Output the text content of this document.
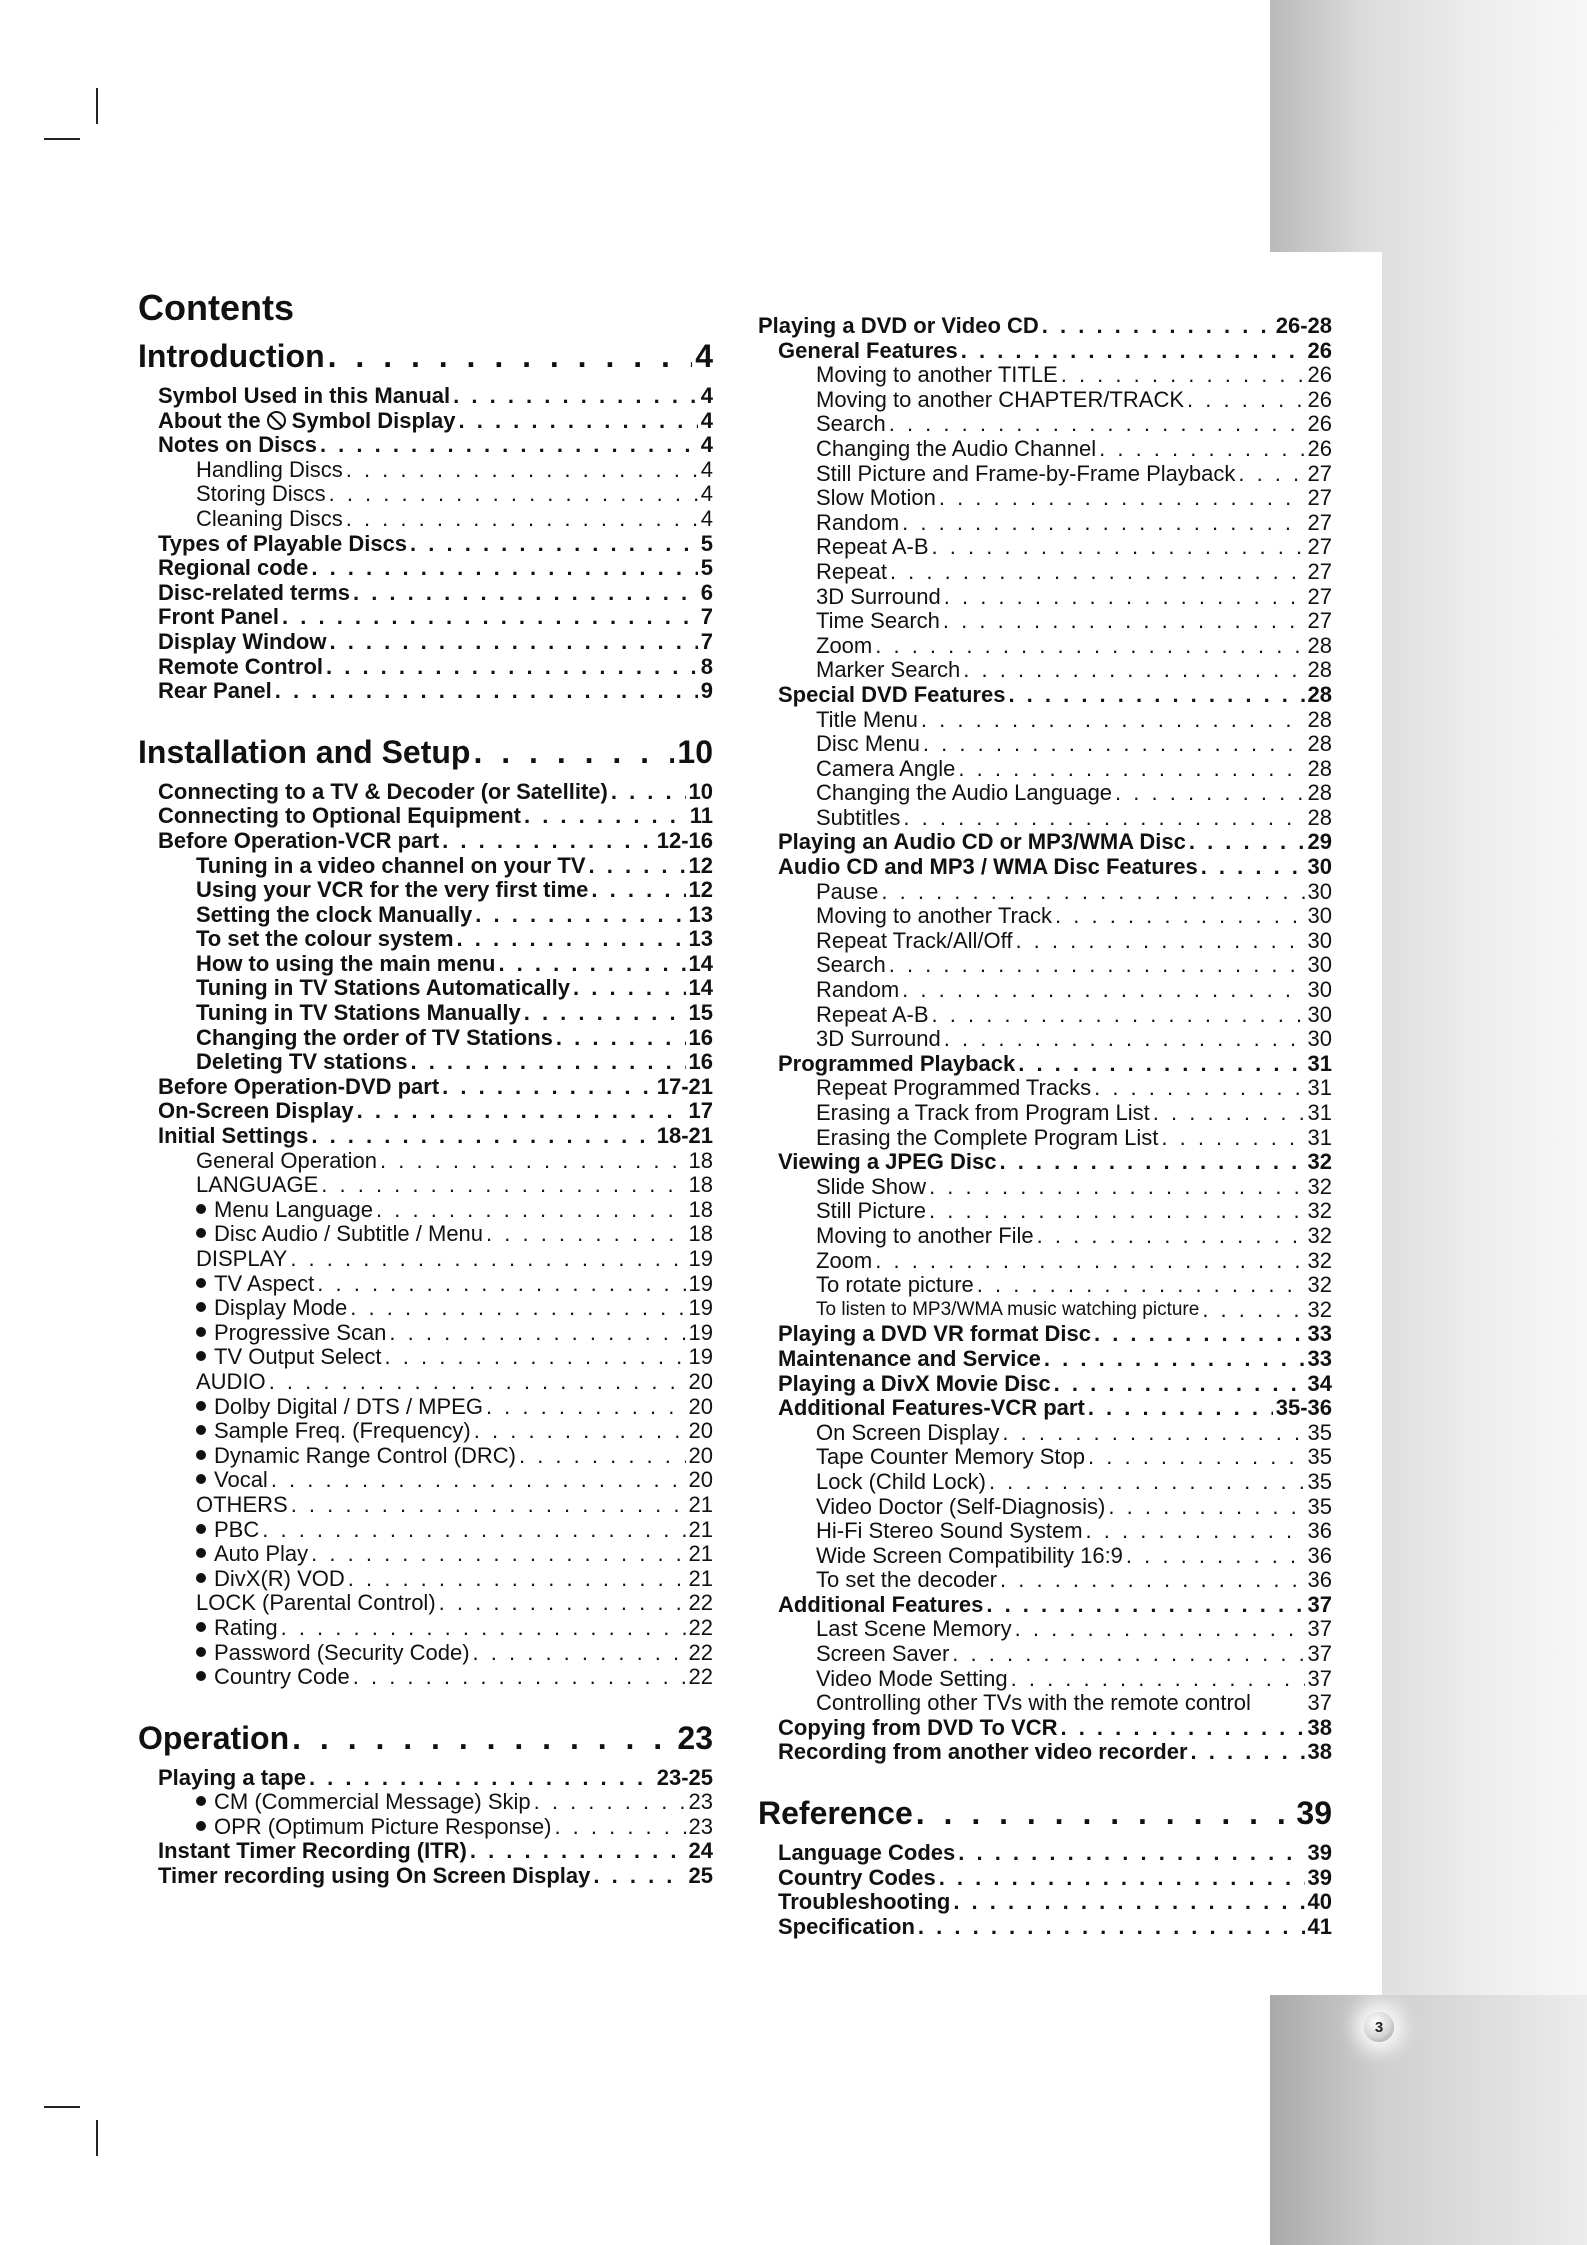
Contents
Introduction . . .	4
Symbol Used in this Manual . . .	4
About the Symbol Display . . .	4
Notes on Discs . . .	4
Handling Discs . . .	4
Storing Discs . . .	4
Cleaning Discs . . .	4
Types of Playable Discs . . .	5
Regional code . . .	5
Disc-related terms . . .	6
Front Panel . . .	7
Display Window . . .	7
Remote Control . . .	8
Rear Panel . . .	9
Installation and Setup . . .	10
Connecting to a TV & Decoder (or Satellite) . . .	10
Connecting to Optional Equipment . . .	11
Before Operation-VCR part . . .	12-16
Tuning in a video channel on your TV . . .	12
Using your VCR for the very first time . . .	12
Setting the clock Manually . . .	13
To set the colour system . . .	13
How to using the main menu . . .	14
Tuning in TV Stations Automatically . . .	14
Tuning in TV Stations Manually . . .	15
Changing the order of TV Stations . . .	16
Deleting TV stations . . .	16
Before Operation-DVD part . . .	17-21
On-Screen Display . . .	17
Initial Settings . . .	18-21
General Operation . . .	18
LANGUAGE . . .	18
Menu Language . . .	18
Disc Audio / Subtitle / Menu . . .	18
DISPLAY . . .	19
TV Aspect . . .	19
Display Mode . . .	19
Progressive Scan . . .	19
TV Output Select . . .	19
AUDIO . . .	20
Dolby Digital / DTS / MPEG . . .	20
Sample Freq. (Frequency) . . .	20
Dynamic Range Control (DRC) . . .	20
Vocal . . .	20
OTHERS . . .	21
PBC . . .	21
Auto Play . . .	21
DivX(R) VOD . . .	21
LOCK (Parental Control) . . .	22
Rating . . .	22
Password (Security Code) . . .	22
Country Code . . .	22
Operation . . .	23
Playing a tape . . .	23-25
CM (Commercial Message) Skip . . .	23
OPR (Optimum Picture Response) . . .	23
Instant Timer Recording (ITR) . . .	24
Timer recording using On Screen Display . . .	25
Playing a DVD or Video CD . . .	26-28
General Features . . .	26
Moving to another TITLE . . .	26
Moving to another CHAPTER/TRACK . . .	26
Search . . .	26
Changing the Audio Channel . . .	26
Still Picture and Frame-by-Frame Playback . . .	27
Slow Motion . . .	27
Random . . .	27
Repeat A-B . . .	27
Repeat . . .	27
3D Surround . . .	27
Time Search . . .	27
Zoom . . .	28
Marker Search . . .	28
Special DVD Features . . .	28
Title Menu . . .	28
Disc Menu . . .	28
Camera Angle . . .	28
Changing the Audio Language . . .	28
Subtitles . . .	28
Playing an Audio CD or MP3/WMA Disc . . .	29
Audio CD and MP3 / WMA Disc Features . . .	30
Pause . . .	30
Moving to another Track . . .	30
Repeat Track/All/Off . . .	30
Search . . .	30
Random . . .	30
Repeat A-B . . .	30
3D Surround . . .	30
Programmed Playback . . .	31
Repeat Programmed Tracks . . .	31
Erasing a Track from Program List . . .	31
Erasing the Complete Program List . . .	31
Viewing a JPEG Disc . . .	32
Slide Show . . .	32
Still Picture . . .	32
Moving to another File . . .	32
Zoom . . .	32
To rotate picture . . .	32
To listen to MP3/WMA music watching picture . . .	32
Playing a DVD VR format Disc . . .	33
Maintenance and Service . . .	33
Playing a DivX Movie Disc . . .	34
Additional Features-VCR part . . .	35-36
On Screen Display . . .	35
Tape Counter Memory Stop . . .	35
Lock (Child Lock) . . .	35
Video Doctor (Self-Diagnosis) . . .	35
Hi-Fi Stereo Sound System . . .	36
Wide Screen Compatibility 16:9 . . .	36
To set the decoder . . .	36
Additional Features . . .	37
Last Scene Memory . . .	37
Screen Saver . . .	37
Video Mode Setting . . .	37
Controlling other TVs with the remote control	37
Copying from DVD To VCR . . .	38
Recording from another video recorder . . .	38
Reference . . .	39
Language Codes . . .	39
Country Codes . . .	39
Troubleshooting . . .	40
Specification . . .	41
3
